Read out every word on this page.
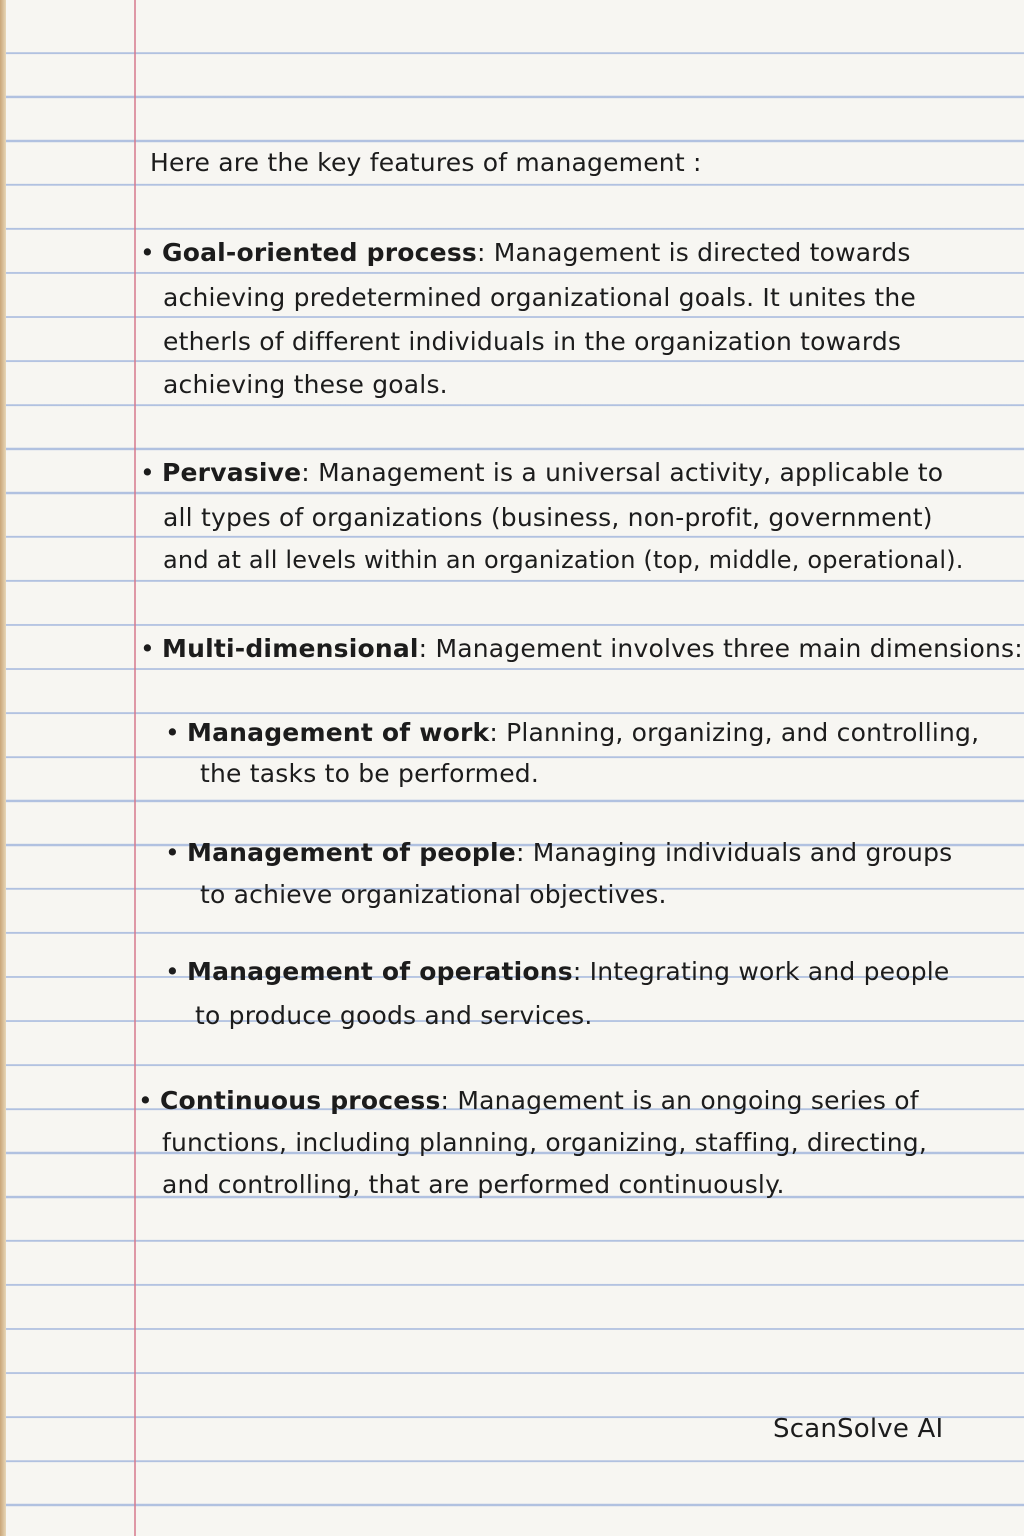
Here are the key features of management :
• Goal-oriented process: Management is directed towards
achieving predetermined organizational goals. It unites the
etherls of different individuals in the organization towards
achieving these goals.
• Pervasive: Management is a universal activity, applicable to
all types of organizations (business, non-profit, government)
and at all levels within an organization (top, middle, operational).
• Multi-dimensional: Management involves three main dimensions:
• Management of work: Planning, organizing, and controlling,
the tasks to be performed.
• Management of people: Managing individuals and groups
to achieve organizational objectives.
• Management of operations: Integrating work and people
to produce goods and services.
• Continuous process: Management is an ongoing series of
functions, including planning, organizing, staffing, directing,
and controlling, that are performed continuously.
ScanSolve AI
